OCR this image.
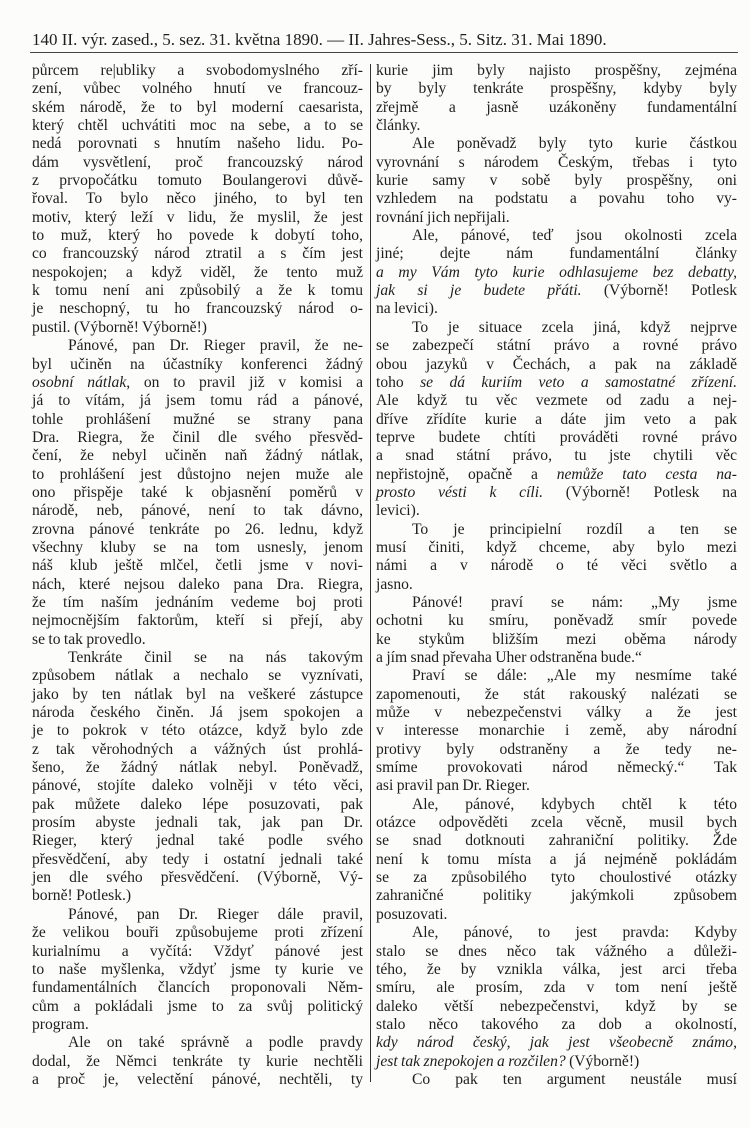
140 II. výr. zased., 5. sez. 31. května 1890. — II. Jahres-Sess., 5. Sitz. 31. Mai 1890.
půrcem re|ubliky a svobodomyslného zří-
zení, vůbec volného hnutí ve francouz-
ském národě, že to byl moderní caesarista,
který chtěl uchvátiti moc na sebe, a to se
nedá porovnati s hnutím našeho lidu. Po-
dám vysvětlení, proč francouzský národ
z prvopočátku tomuto Boulangerovi důvě-
řoval. To bylo něco jiného, to byl ten
motiv, který leží v lidu, že myslil, že jest
to muž, který ho povede k dobytí toho,
co francouzský národ ztratil a s čím jest
nespokojen; a když viděl, že tento muž
k tomu není ani způsobilý a že k tomu
je neschopný, tu ho francouzský národ o-
pustil. (Výborně! Výborně!)
Pánové, pan Dr. Rieger pravil, že ne-
byl učiněn na účastníky konferenci žádný
osobní nátlak, on to pravil již v komisi a
já to vítám, já jsem tomu rád a pánové,
tohle prohlášení mužné se strany pana
Dra. Riegra, že činil dle svého přesvěd-
čení, že nebyl učiněn naň žádný nátlak,
to prohlášení jest důstojno nejen muže ale
ono přispěje také k objasnění poměrů v
národě, neb, pánové, není to tak dávno,
zrovna pánové tenkráte po 26. lednu, když
všechny kluby se na tom usnesly, jenom
náš klub ještě mlčel, četli jsme v novi-
nách, které nejsou daleko pana Dra. Riegra,
že tím naším jednáním vedeme boj proti
nejmocnějším faktorům, kteří si přejí, aby
se to tak provedlo.
Tenkráte činil se na nás takovým
způsobem nátlak a nechalo se vyznívati,
jako by ten nátlak byl na veškeré zástupce
národa českého činěn. Já jsem spokojen a
je to pokrok v této otázce, když bylo zde
z tak věrohodných a vážných úst prohlá-
šeno, že žádný nátlak nebyl. Poněvadž,
pánové, stojíte daleko volněji v této věci,
pak můžete daleko lépe posuzovati, pak
prosím abyste jednali tak, jak pan Dr.
Rieger, který jednal také podle svého
přesvědčení, aby tedy i ostatní jednali také
jen dle svého přesvědčení. (Výborně, Vý-
borně! Potlesk.)
Pánové, pan Dr. Rieger dále pravil,
že velikou bouři způsobujeme proti zřízení
kurialnímu a vyčítá: Vždyť pánové jest
to naše myšlenka, vždyť jsme ty kurie ve
fundamentálních člancích proponovali Něm-
cům a pokládali jsme to za svůj politický
program.
Ale on také správně a podle pravdy
dodal, že Němci tenkráte ty kurie nechtěli
a proč je, velectění pánové, nechtěli, ty
kurie jim byly najisto prospěšny, zejména
by byly tenkráte prospěšny, kdyby byly
zřejmě a jasně uzákoněny fundamentální
články.
Ale poněvadž byly tyto kurie částkou
vyrovnání s národem Českým, třebas i tyto
kurie samy v sobě byly prospěšny, oni
vzhledem na podstatu a povahu toho vy-
rovnání jich nepřijali.
Ale, pánové, teď jsou okolnosti zcela
jiné; dejte nám fundamentální články
a my Vám tyto kurie odhlasujeme bez debatty,
jak si je budete přáti. (Výborně! Potlesk
na levici).
To je situace zcela jiná, když nejprve
se zabezpečí státní právo a rovné právo
obou jazyků v Čechách, a pak na základě
toho se dá kuriím veto a samostatné zřízení.
Ale když tu věc vezmete od zadu a nej-
dříve zřídíte kurie a dáte jim veto a pak
teprve budete chtíti prováděti rovné právo
a snad státní právo, tu jste chytili věc
nepřistojně, opačně a nemůže tato cesta na-
prosto vésti k cíli. (Výborně! Potlesk na
levici).
To je principielní rozdíl a ten se
musí činiti, když chceme, aby bylo mezi
námi a v národě o té věci světlo a
jasno.
Pánové! praví se nám: „My jsme
ochotni ku smíru, poněvadž smír povede
ke stykům bližším mezi oběma národy
a jím snad převaha Uher odstraněna bude.“
Praví se dále: „Ale my nesmíme také
zapomenouti, že stát rakouský nalézati se
může v nebezpečenstvi války a že jest
v interesse monarchie i země, aby národní
protivy byly odstraněny a že tedy ne-
smíme provokovati národ německý.“ Tak
asi pravil pan Dr. Rieger.
Ale, pánové, kdybych chtěl k této
otázce odpověděti zcela věcně, musil bych
se snad dotknouti zahraniční politiky. Žde
není k tomu místa a já nejméně pokládám
se za způsobilého tyto choulostivé otázky
zahraničné politiky jakýmkoli způsobem
posuzovati.
Ale, pánové, to jest pravda: Kdyby
stalo se dnes něco tak vážného a důleži-
tého, že by vznikla válka, jest arci třeba
smíru, ale prosím, zda v tom není ještě
daleko větší nebezpečenstvi, když by se
stalo něco takového za dob a okolností,
kdy národ český, jak jest všeobecně známo,
jest tak znepokojen a rozčilen? (Výborně!)
Co pak ten argument neustále musí
